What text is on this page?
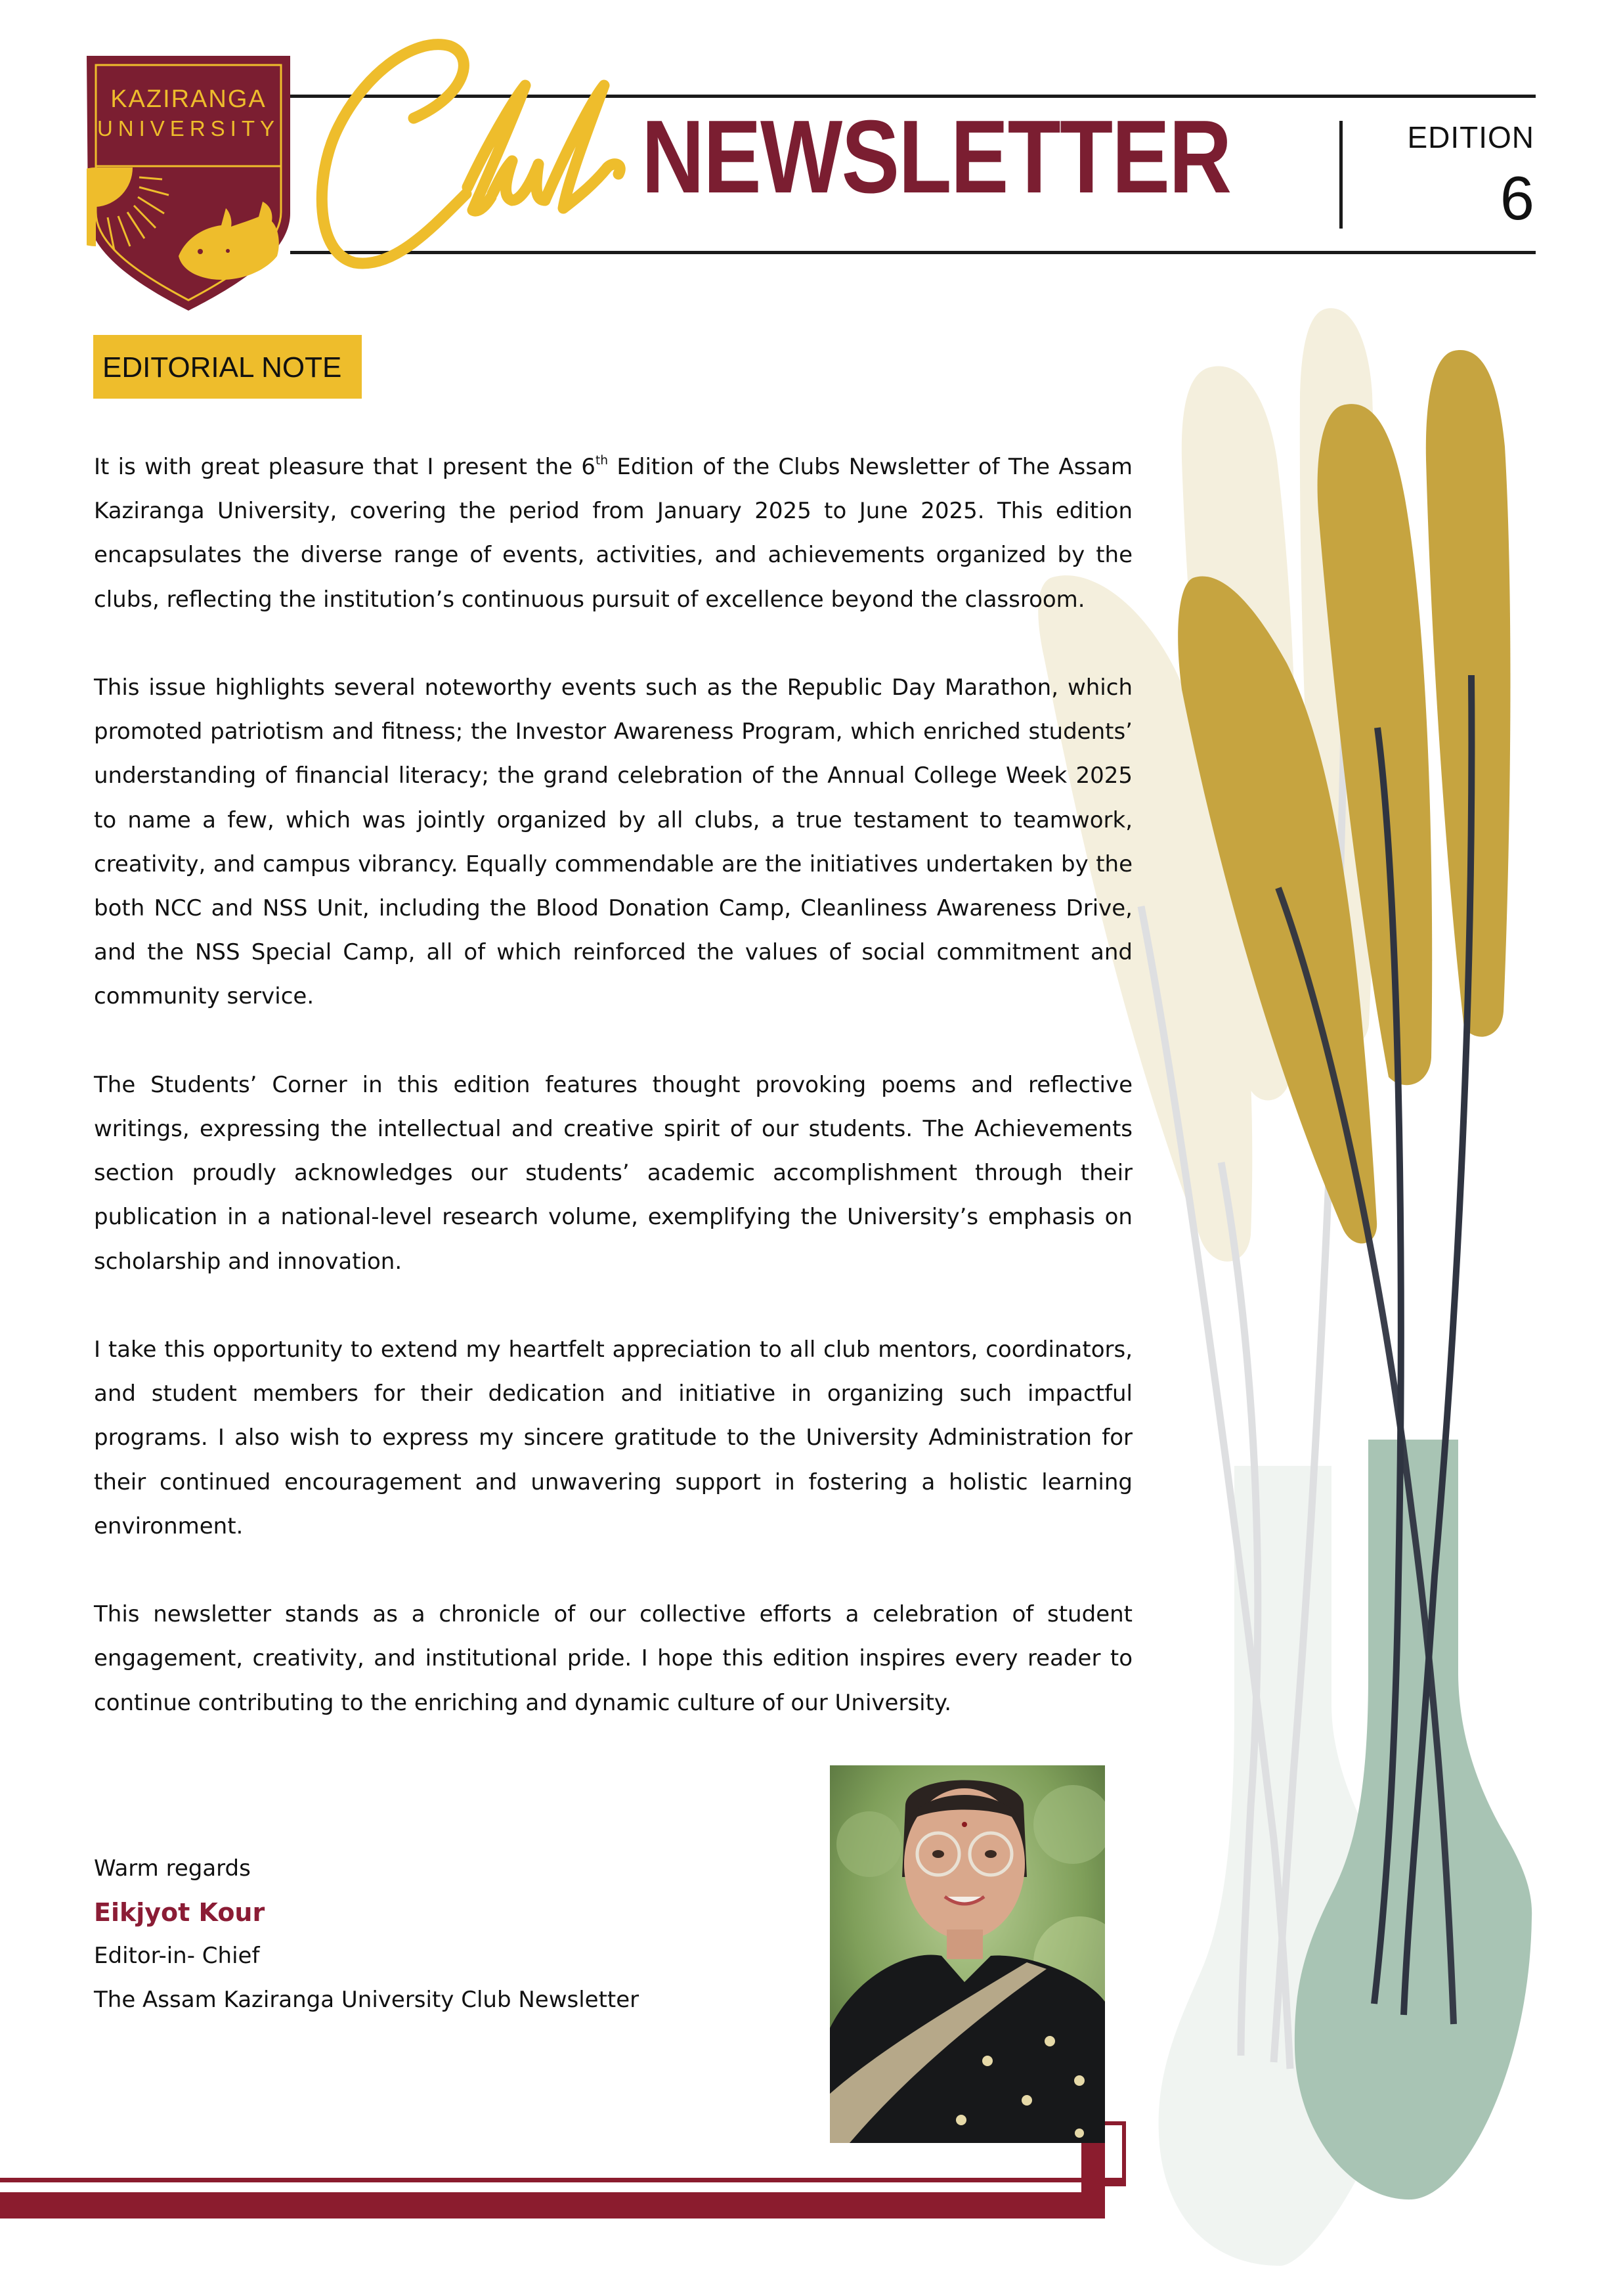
KAZIRANGA
UNIVERSITY	NEWSLETTER	EDITION
6
EDITORIAL NOTE

It is with great pleasure that I present the 6th Edition of the Clubs Newsletter of The Assam Kaziranga University, covering the period from January 2025 to June 2025. This edition encapsulates the diverse range of events, activities, and achievements organized by the clubs, reflecting the institution’s continuous pursuit of excellence beyond the classroom.

This issue highlights several noteworthy events such as the Republic Day Marathon, which promoted patriotism and fitness; the Investor Awareness Program, which enriched students’ understanding of financial literacy; the grand celebration of the Annual College Week 2025 to name a few, which was jointly organized by all clubs, a true testament to teamwork, creativity, and campus vibrancy. Equally commendable are the initiatives undertaken by the both NCC and NSS Unit, including the Blood Donation Camp, Cleanliness Awareness Drive, and the NSS Special Camp, all of which reinforced the values of social commitment and community service.

The Students’ Corner in this edition features thought provoking poems and reflective writings, expressing the intellectual and creative spirit of our students. The Achievements section proudly acknowledges our students’ academic accomplishment through their publication in a national-level research volume, exemplifying the University’s emphasis on scholarship and innovation.

I take this opportunity to extend my heartfelt appreciation to all club mentors, coordinators, and student members for their dedication and initiative in organizing such impactful programs. I also wish to express my sincere gratitude to the University Administration for their continued encouragement and unwavering support in fostering a holistic learning environment.

This newsletter stands as a chronicle of our collective efforts a celebration of student engagement, creativity, and institutional pride. I hope this edition inspires every reader to continue contributing to the enriching and dynamic culture of our University.

Warm regards
Eikjyot Kour
Editor-in- Chief
The Assam Kaziranga University Club Newsletter
